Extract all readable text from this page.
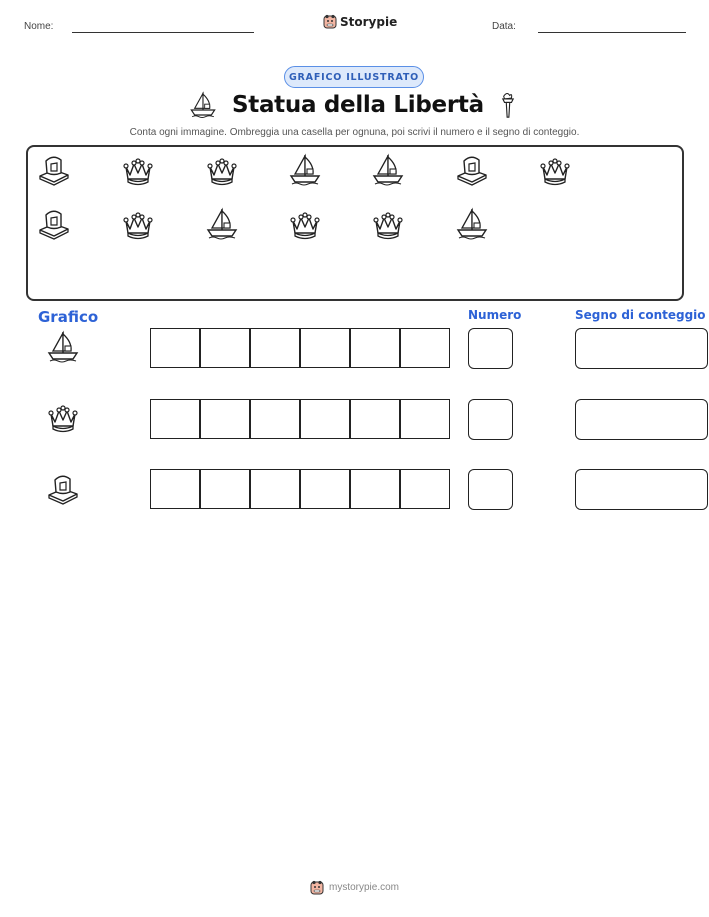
Nome:	Storypie	Data:
GRAFICO ILLUSTRATO
Statua della Libertà
Conta ogni immagine. Ombreggia una casella per ognuna, poi scrivi il numero e il segno di conteggio.
Grafico	Numero	Segno di conteggio
mystorypie.com
